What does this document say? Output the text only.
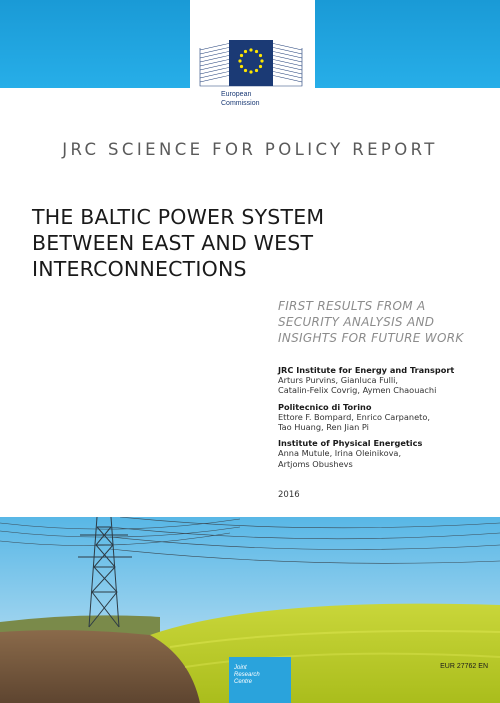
European
Commission
JRC SCIENCE FOR POLICY REPORT
THE BALTIC POWER SYSTEM
BETWEEN EAST AND WEST
INTERCONNECTIONS
FIRST RESULTS FROM A
SECURITY ANALYSIS AND
INSIGHTS FOR FUTURE WORK
JRC Institute for Energy and Transport
Arturs Purvins, Gianluca Fulli,
Catalin-Felix Covrig, Aymen Chaouachi
Politecnico di Torino
Ettore F. Bompard, Enrico Carpaneto,
Tao Huang, Ren Jian Pi
Institute of Physical Energetics
Anna Mutule, Irina Oleinikova,
Artjoms Obushevs
2016
Joint
Research
Centre
EUR 27762 EN
